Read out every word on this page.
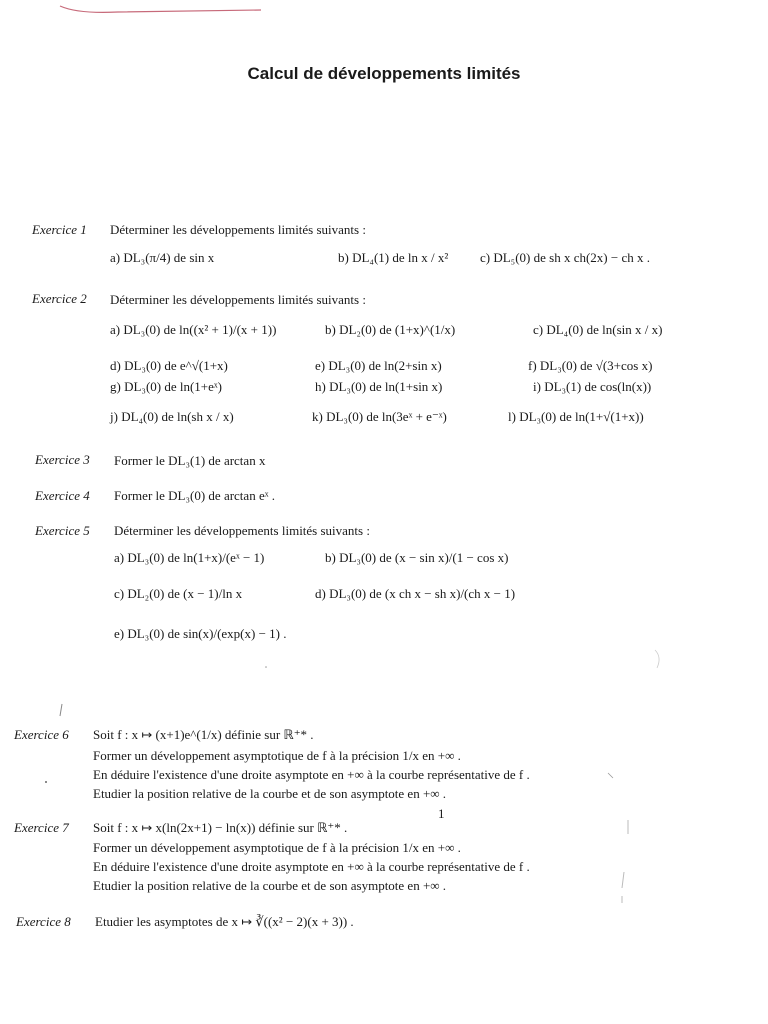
Calcul de développements limités
Exercice 1 Déterminer les développements limités suivants :
a) DL₃(π/4) de sin x	b) DL₄(1) de ln x / x² c) DL₅(0) de sh x ch(2x) − ch x .
Exercice 2 Déterminer les développements limités suivants :
a) DL₃(0) de ln((x² + 1)/(x + 1))	b) DL₂(0) de (1+x)^(1/x)	c) DL₄(0) de ln(sin x / x)
d) DL₃(0) de e^√(1+x)	e) DL₃(0) de ln(2+sin x)	f) DL₃(0) de √(3+cos x)
g) DL₃(0) de ln(1+eˣ)	h) DL₃(0) de ln(1+sin x)	i) DL₃(1) de cos(ln(x))
j) DL₄(0) de ln(sh x / x)	k) DL₃(0) de ln(3eˣ + e⁻ˣ)	l) DL₃(0) de ln(1+√(1+x))
Exercice 3 Former le DL₃(1) de arctan x
Exercice 4 Former le DL₃(0) de arctan eˣ .
Exercice 5 Déterminer les développements limités suivants :
a) DL₃(0) de ln(1+x)/(eˣ − 1)	b) DL₃(0) de (x − sin x)/(1 − cos x)
c) DL₂(0) de (x − 1)/ln x	d) DL₃(0) de (x ch x − sh x)/(ch x − 1)
e) DL₃(0) de sin(x)/(exp(x) − 1) .
Exercice 6 Soit f : x ↦ (x+1)e^(1/x) définie sur ℝ⁺* .
Former un développement asymptotique de f à la précision 1/x en +∞ .
En déduire l'existence d'une droite asymptote en +∞ à la courbe représentative de f .
Etudier la position relative de la courbe et de son asymptote en +∞ .
1
Exercice 7 Soit f : x ↦ x(ln(2x+1) − ln(x)) définie sur ℝ⁺* .
Former un développement asymptotique de f à la précision 1/x en +∞ .
En déduire l'existence d'une droite asymptote en +∞ à la courbe représentative de f .
Etudier la position relative de la courbe et de son asymptote en +∞ .
Exercice 8 Etudier les asymptotes de x ↦ ∛((x² − 2)(x + 3)) .
